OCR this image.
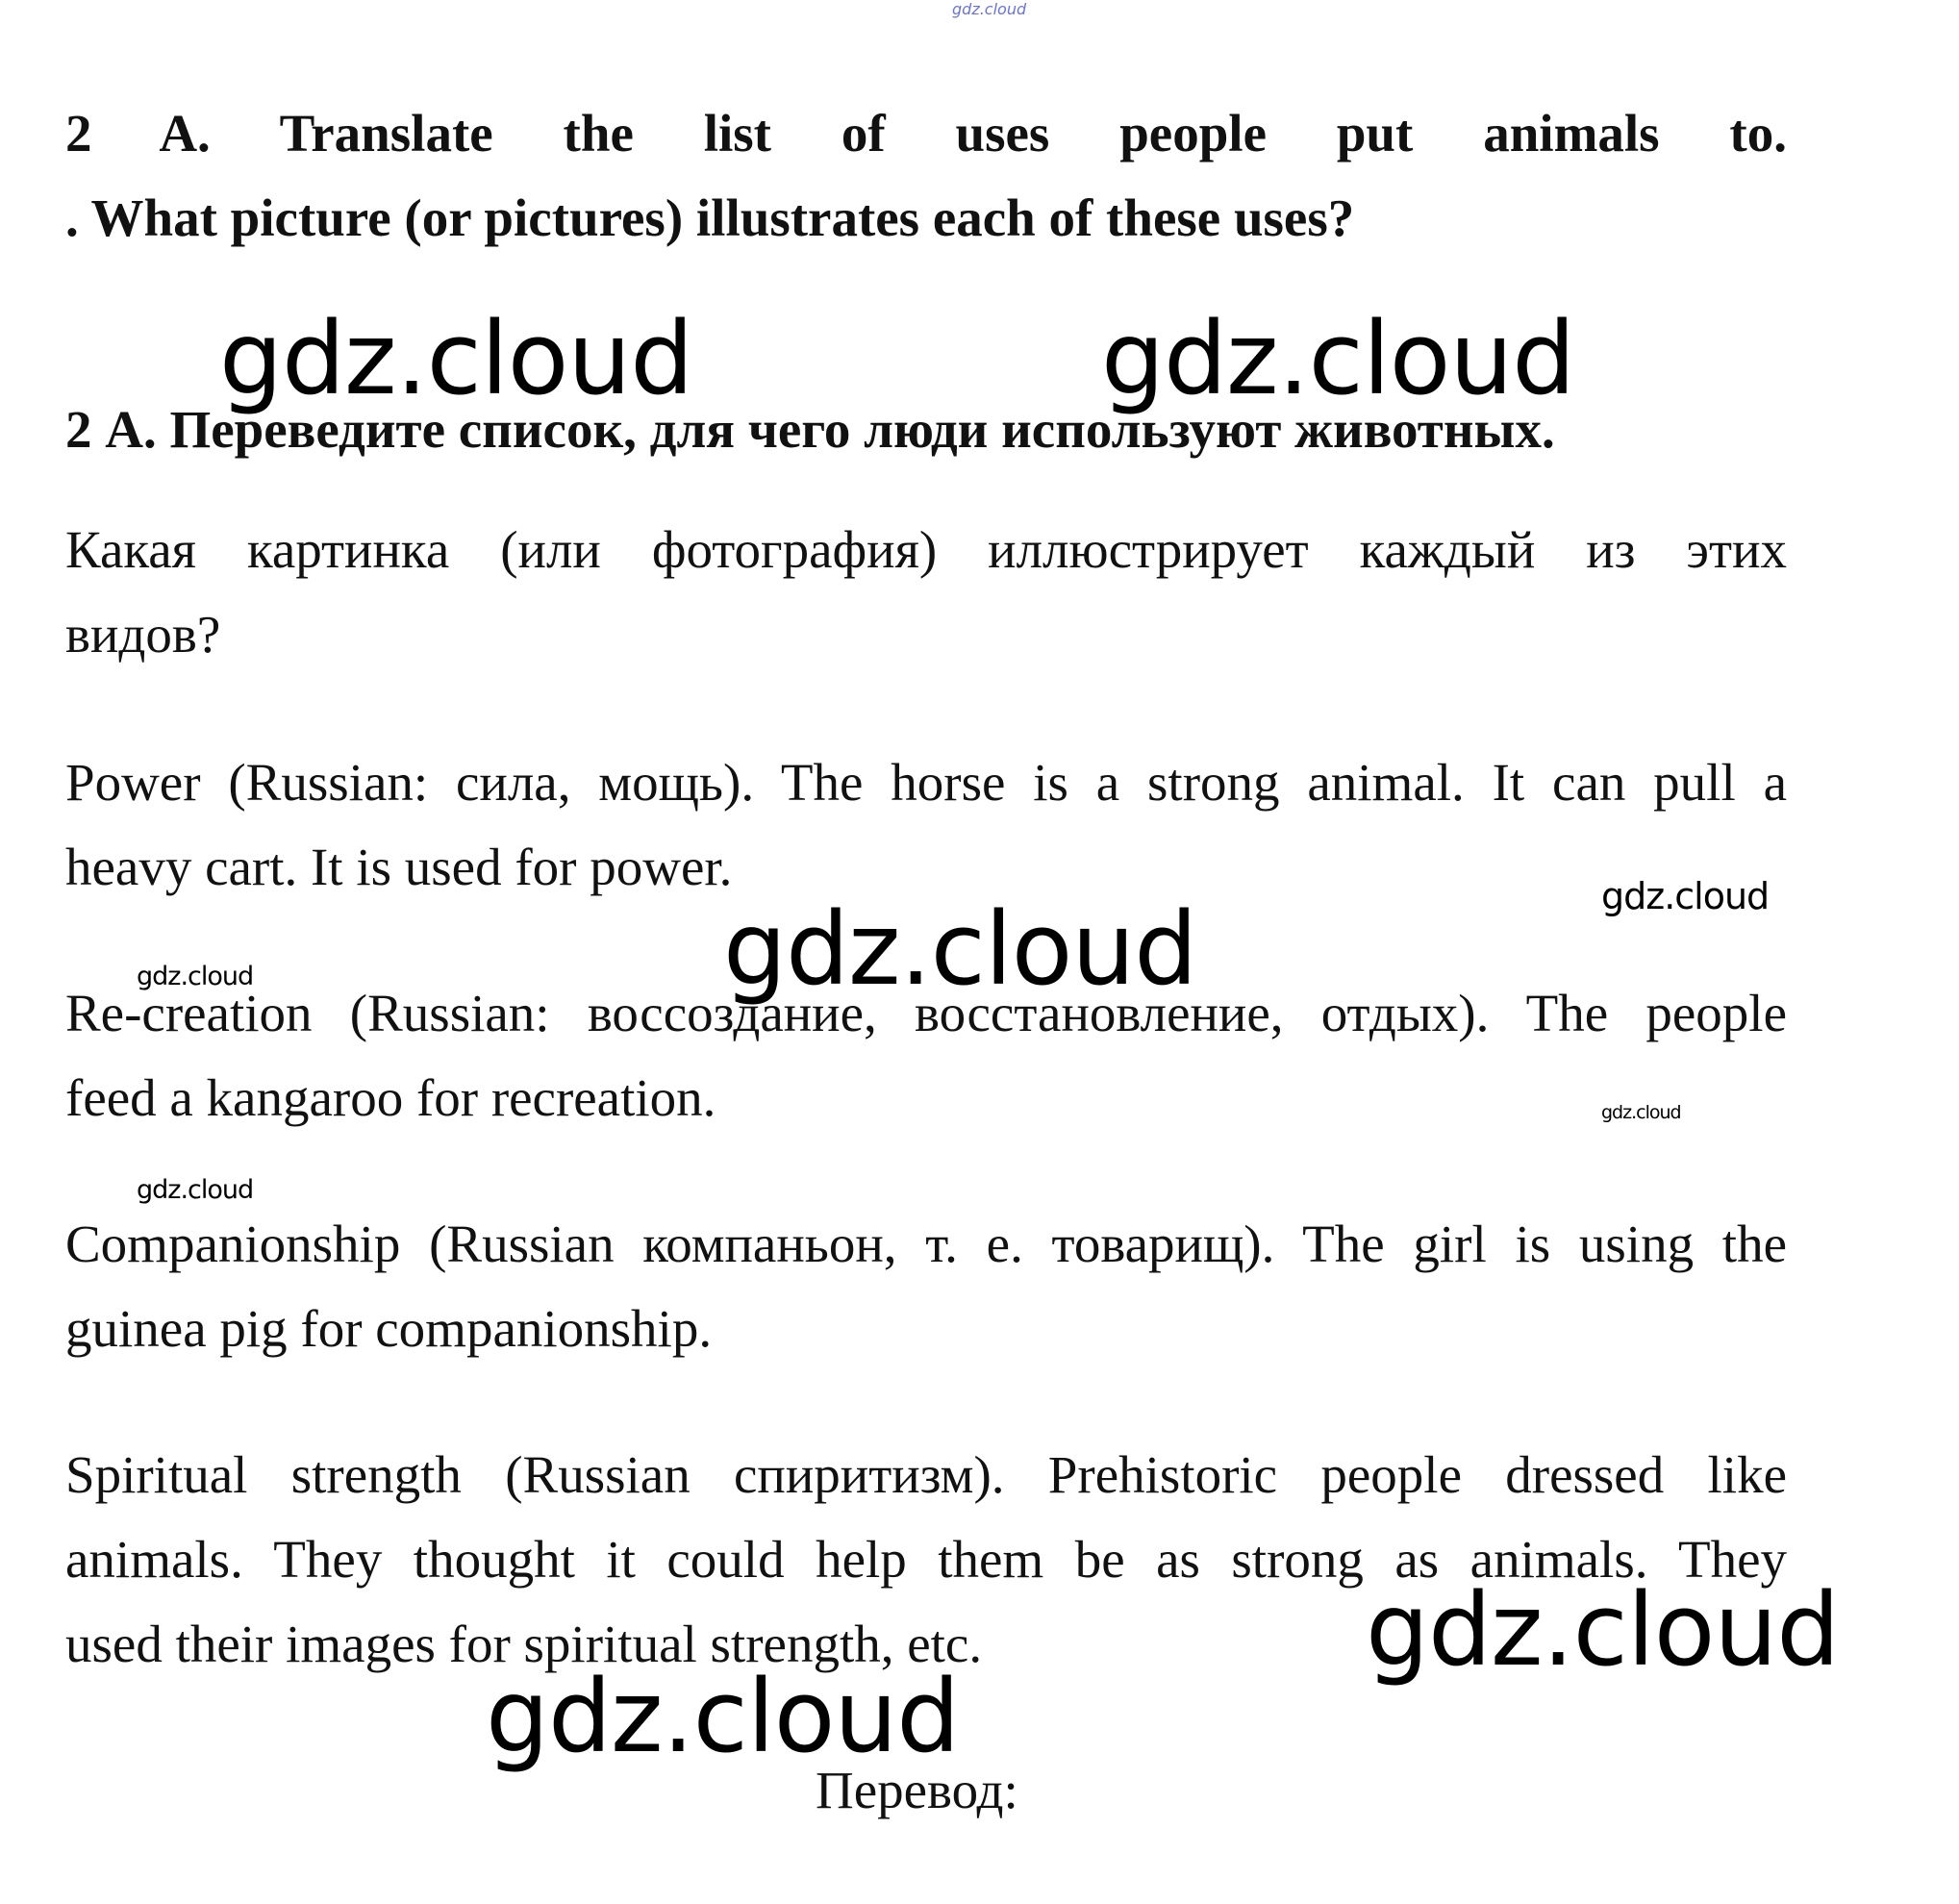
gdz.cloud
2 A. Translate the list of uses people put animals to.
. What picture (or pictures) illustrates each of these uses?
2 А. Переведите список, для чего люди используют животных.
Какая картинка (или фотография) иллюстрирует каждый из этих
видов?
Power (Russian: сила, мощь). The horse is a strong animal. It can pull a
heavy cart. It is used for power.
Re-creation (Russian: воссоздание, восстановление, отдых). The people
feed a kangaroo for recreation.
Companionship (Russian компаньон, т. е. товарищ). The girl is using the
guinea pig for companionship.
Spiritual strength (Russian спиритизм). Prehistoric people dressed like
animals. They thought it could help them be as strong as animals. They
used their images for spiritual strength, etc.
Перевод:
gdz.cloud	gdz.cloud
gdz.cloud
gdz.cloud
gdz.cloud
gdz.cloud
gdz.cloud
gdz.cloud
gdz.cloud
